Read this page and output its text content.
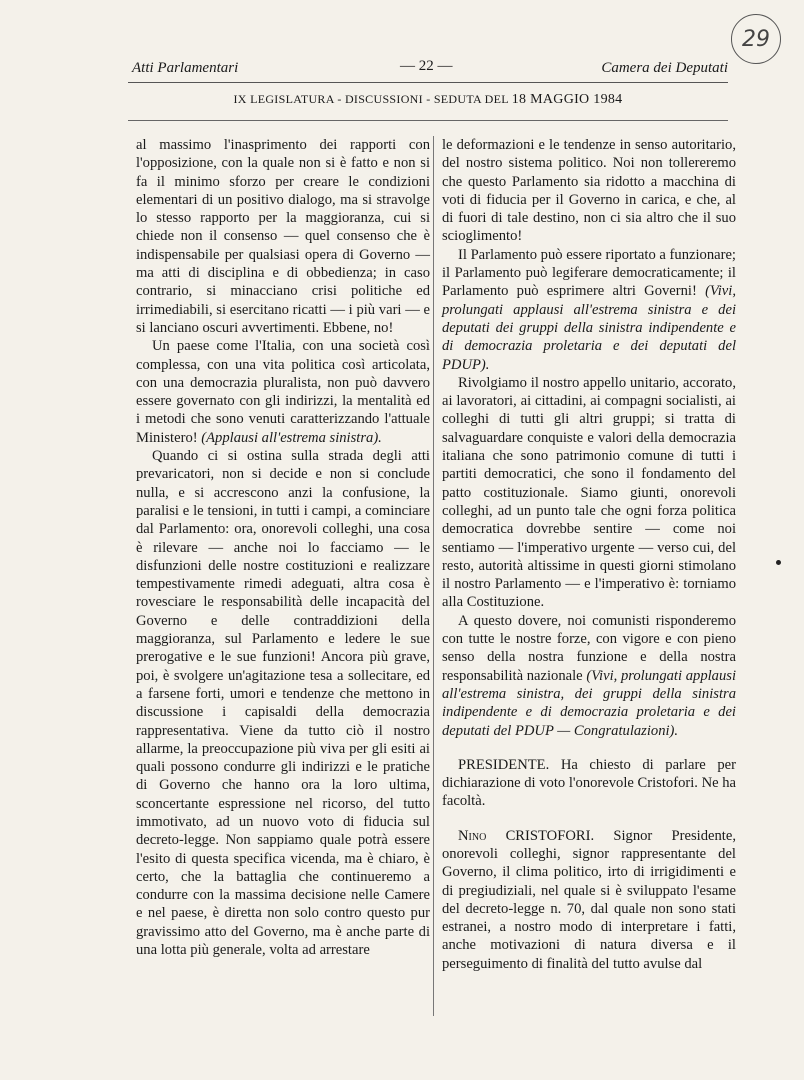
29
Atti Parlamentari	— 22 —	Camera dei Deputati
IX LEGISLATURA - DISCUSSIONI - SEDUTA DEL 18 MAGGIO 1984

al massimo l'inasprimento dei rapporti con l'opposizione, con la quale non si è fatto e non si fa il minimo sforzo per creare le condizioni elementari di un positivo dialogo, ma si stravolge lo stesso rapporto per la maggioranza, cui si chiede non il consenso — quel consenso che è indispensabile per qualsiasi opera di Governo — ma atti di disciplina e di obbedienza; in caso contrario, si minacciano crisi politiche ed irrimediabili, si esercitano ricatti — i più vari — e si lanciano oscuri avvertimenti. Ebbene, no!

Un paese come l'Italia, con una società così complessa, con una vita politica così articolata, con una democrazia pluralista, non può davvero essere governato con gli indirizzi, la mentalità ed i metodi che sono venuti caratterizzando l'attuale Ministero! (Applausi all'estrema sinistra).

Quando ci si ostina sulla strada degli atti prevaricatori, non si decide e non si conclude nulla, e si accrescono anzi la confusione, la paralisi e le tensioni, in tutti i campi, a cominciare dal Parlamento: ora, onorevoli colleghi, una cosa è rilevare — anche noi lo facciamo — le disfunzioni delle nostre costituzioni e realizzare tempestivamente rimedi adeguati, altra cosa è rovesciare le responsabilità delle incapacità del Governo e delle contraddizioni della maggioranza, sul Parlamento e ledere le sue prerogative e le sue funzioni! Ancora più grave, poi, è svolgere un'agitazione tesa a sollecitare, ed a farsene forti, umori e tendenze che mettono in discussione i capisaldi della democrazia rappresentativa. Viene da tutto ciò il nostro allarme, la preoccupazione più viva per gli esiti ai quali possono condurre gli indirizzi e le pratiche di Governo che hanno ora la loro ultima, sconcertante espressione nel ricorso, del tutto immotivato, ad un nuovo voto di fiducia sul decreto-legge. Non sappiamo quale potrà essere l'esito di questa specifica vicenda, ma è chiaro, è certo, che la battaglia che continueremo a condurre con la massima decisione nelle Camere e nel paese, è diretta non solo contro questo pur gravissimo atto del Governo, ma è anche parte di una lotta più generale, volta ad arrestare

le deformazioni e le tendenze in senso autoritario, del nostro sistema politico. Noi non tollereremo che questo Parlamento sia ridotto a macchina di voti di fiducia per il Governo in carica, e che, al di fuori di tale destino, non ci sia altro che il suo scioglimento!

Il Parlamento può essere riportato a funzionare; il Parlamento può legiferare democraticamente; il Parlamento può esprimere altri Governi! (Vivi, prolungati applausi all'estrema sinistra e dei deputati dei gruppi della sinistra indipendente e di democrazia proletaria e dei deputati del PDUP).

Rivolgiamo il nostro appello unitario, accorato, ai lavoratori, ai cittadini, ai compagni socialisti, ai colleghi di tutti gli altri gruppi; si tratta di salvaguardare conquiste e valori della democrazia italiana che sono patrimonio comune di tutti i partiti democratici, che sono il fondamento del patto costituzionale. Siamo giunti, onorevoli colleghi, ad un punto tale che ogni forza politica democratica dovrebbe sentire — come noi sentiamo — l'imperativo urgente — verso cui, del resto, autorità altissime in questi giorni stimolano il nostro Parlamento — e l'imperativo è: torniamo alla Costituzione.

A questo dovere, noi comunisti risponderemo con tutte le nostre forze, con vigore e con pieno senso della nostra funzione e della nostra responsabilità nazionale (Vivi, prolungati applausi all'estrema sinistra, dei gruppi della sinistra indipendente e di democrazia proletaria e dei deputati del PDUP — Congratulazioni).

PRESIDENTE. Ha chiesto di parlare per dichiarazione di voto l'onorevole Cristofori. Ne ha facoltà.

Nino CRISTOFORI. Signor Presidente, onorevoli colleghi, signor rappresentante del Governo, il clima politico, irto di irrigidimenti e di pregiudiziali, nel quale si è sviluppato l'esame del decreto-legge n. 70, dal quale non sono stati estranei, a nostro modo di interpretare i fatti, anche motivazioni di natura diversa e il perseguimento di finalità del tutto avulse dal
